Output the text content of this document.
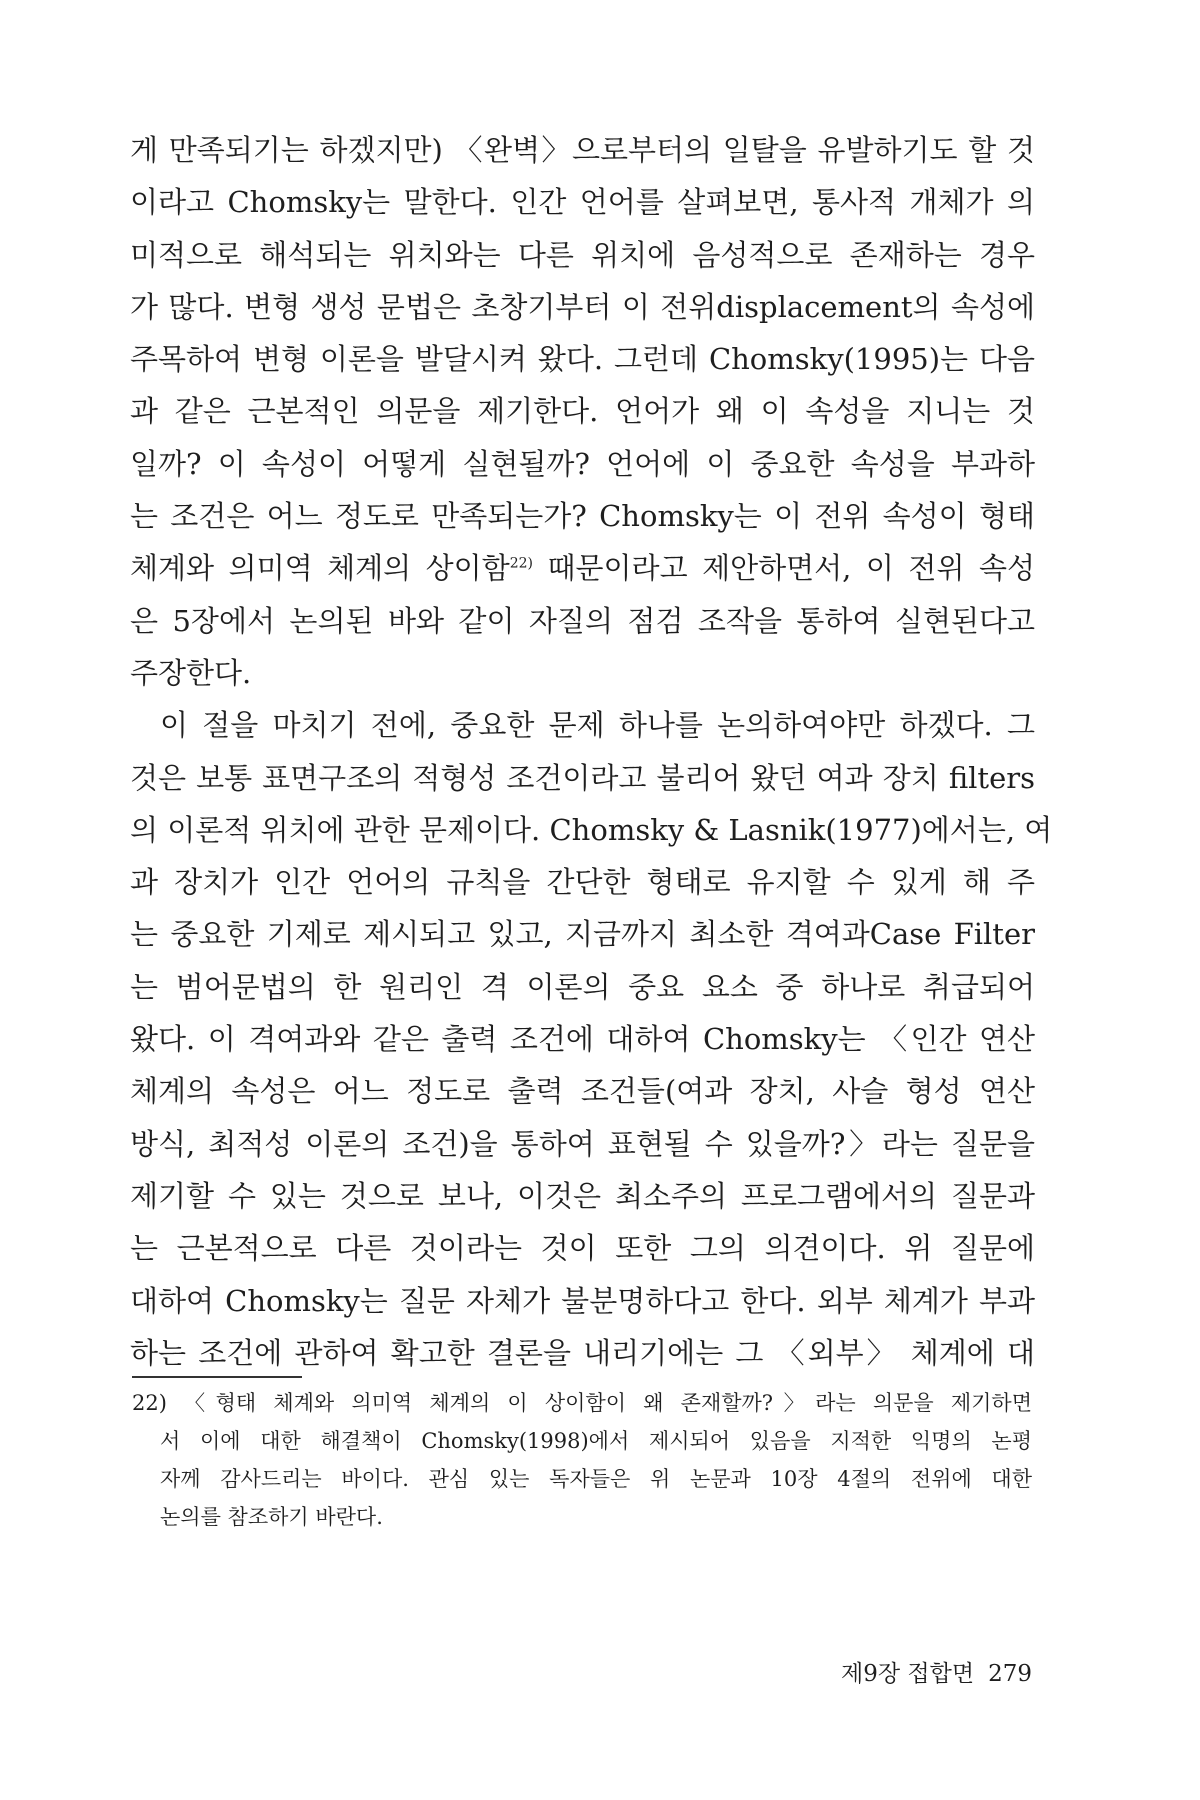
게 만족되기는 하겠지만) 〈완벽〉으로부터의 일탈을 유발하기도 할 것
이라고 Chomsky는 말한다. 인간 언어를 살펴보면, 통사적 개체가 의
미적으로 해석되는 위치와는 다른 위치에 음성적으로 존재하는 경우
가 많다. 변형 생성 문법은 초창기부터 이 전위displacement의 속성에
주목하여 변형 이론을 발달시켜 왔다. 그런데 Chomsky(1995)는 다음
과 같은 근본적인 의문을 제기한다. 언어가 왜 이 속성을 지니는 것
일까? 이 속성이 어떻게 실현될까? 언어에 이 중요한 속성을 부과하
는 조건은 어느 정도로 만족되는가? Chomsky는 이 전위 속성이 형태
체계와 의미역 체계의 상이함$^{22)}$ 때문이라고 제안하면서, 이 전위 속성
은 5장에서 논의된 바와 같이 자질의 점검 조작을 통하여 실현된다고
주장한다.
이 절을 마치기 전에, 중요한 문제 하나를 논의하여야만 하겠다. 그
것은 보통 표면구조의 적형성 조건이라고 불리어 왔던 여과 장치 filters
의 이론적 위치에 관한 문제이다. Chomsky & Lasnik(1977)에서는, 여
과 장치가 인간 언어의 규칙을 간단한 형태로 유지할 수 있게 해 주
는 중요한 기제로 제시되고 있고, 지금까지 최소한 격여과Case Filter
는 범어문법의 한 원리인 격 이론의 중요 요소 중 하나로 취급되어
왔다. 이 격여과와 같은 출력 조건에 대하여 Chomsky는 〈인간 연산
체계의 속성은 어느 정도로 출력 조건들(여과 장치, 사슬 형성 연산
방식, 최적성 이론의 조건)을 통하여 표현될 수 있을까?〉라는 질문을
제기할 수 있는 것으로 보나, 이것은 최소주의 프로그램에서의 질문과
는 근본적으로 다른 것이라는 것이 또한 그의 의견이다. 위 질문에
대하여 Chomsky는 질문 자체가 불분명하다고 한다. 외부 체계가 부과
하는 조건에 관하여 확고한 결론을 내리기에는 그 〈외부〉 체계에 대
22) 〈형태 체계와 의미역 체계의 이 상이함이 왜 존재할까?〉라는 의문을 제기하면
서 이에 대한 해결책이 Chomsky(1998)에서 제시되어 있음을 지적한 익명의 논평
자께 감사드리는 바이다. 관심 있는 독자들은 위 논문과 10장 4절의 전위에 대한
논의를 참조하기 바란다.
제9장 접합면 279
